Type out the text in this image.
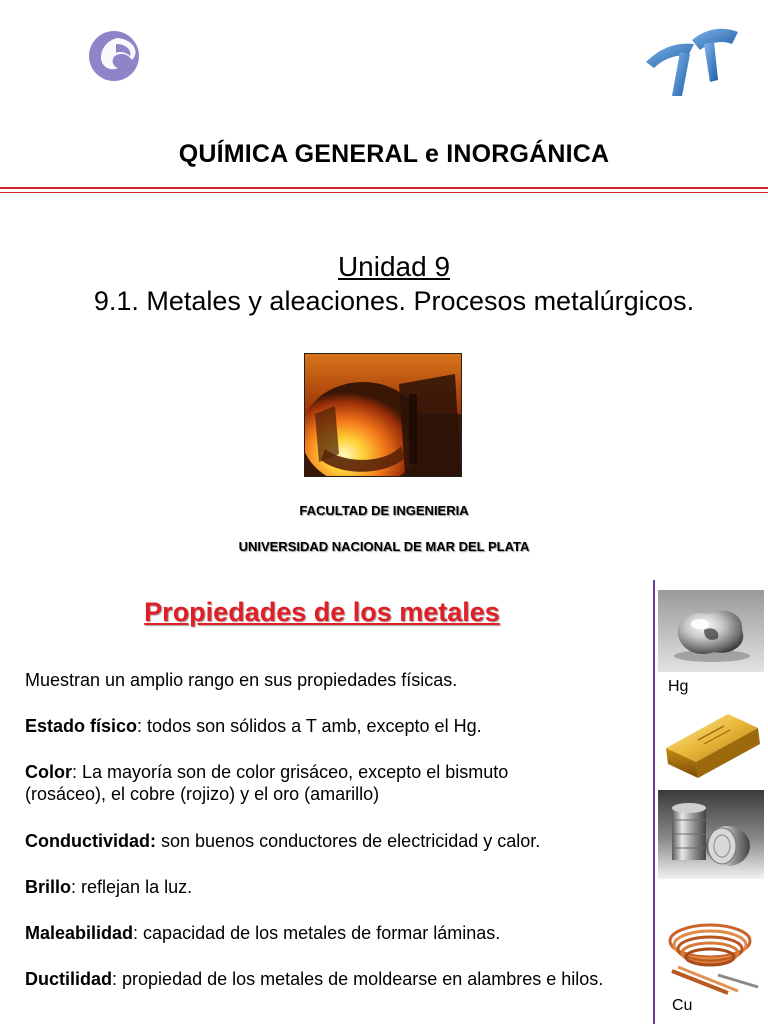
QUÍMICA GENERAL e INORGÁNICA
Unidad 9
9.1. Metales y aleaciones. Procesos metalúrgicos.
FACULTAD DE INGENIERIA
UNIVERSIDAD NACIONAL DE MAR DEL PLATA
Propiedades de los metales
Muestran un amplio rango en sus propiedades físicas.
Estado físico: todos son sólidos a T amb, excepto el Hg.
Color: La mayoría son de color grisáceo, excepto el bismuto (rosáceo), el cobre (rojizo) y el oro (amarillo)
Conductividad: son buenos conductores de electricidad y calor.
Brillo: reflejan la luz.
Maleabilidad: capacidad de los metales de formar láminas.
Ductilidad: propiedad de los metales de moldearse en alambres e hilos.
Hg
Cu
